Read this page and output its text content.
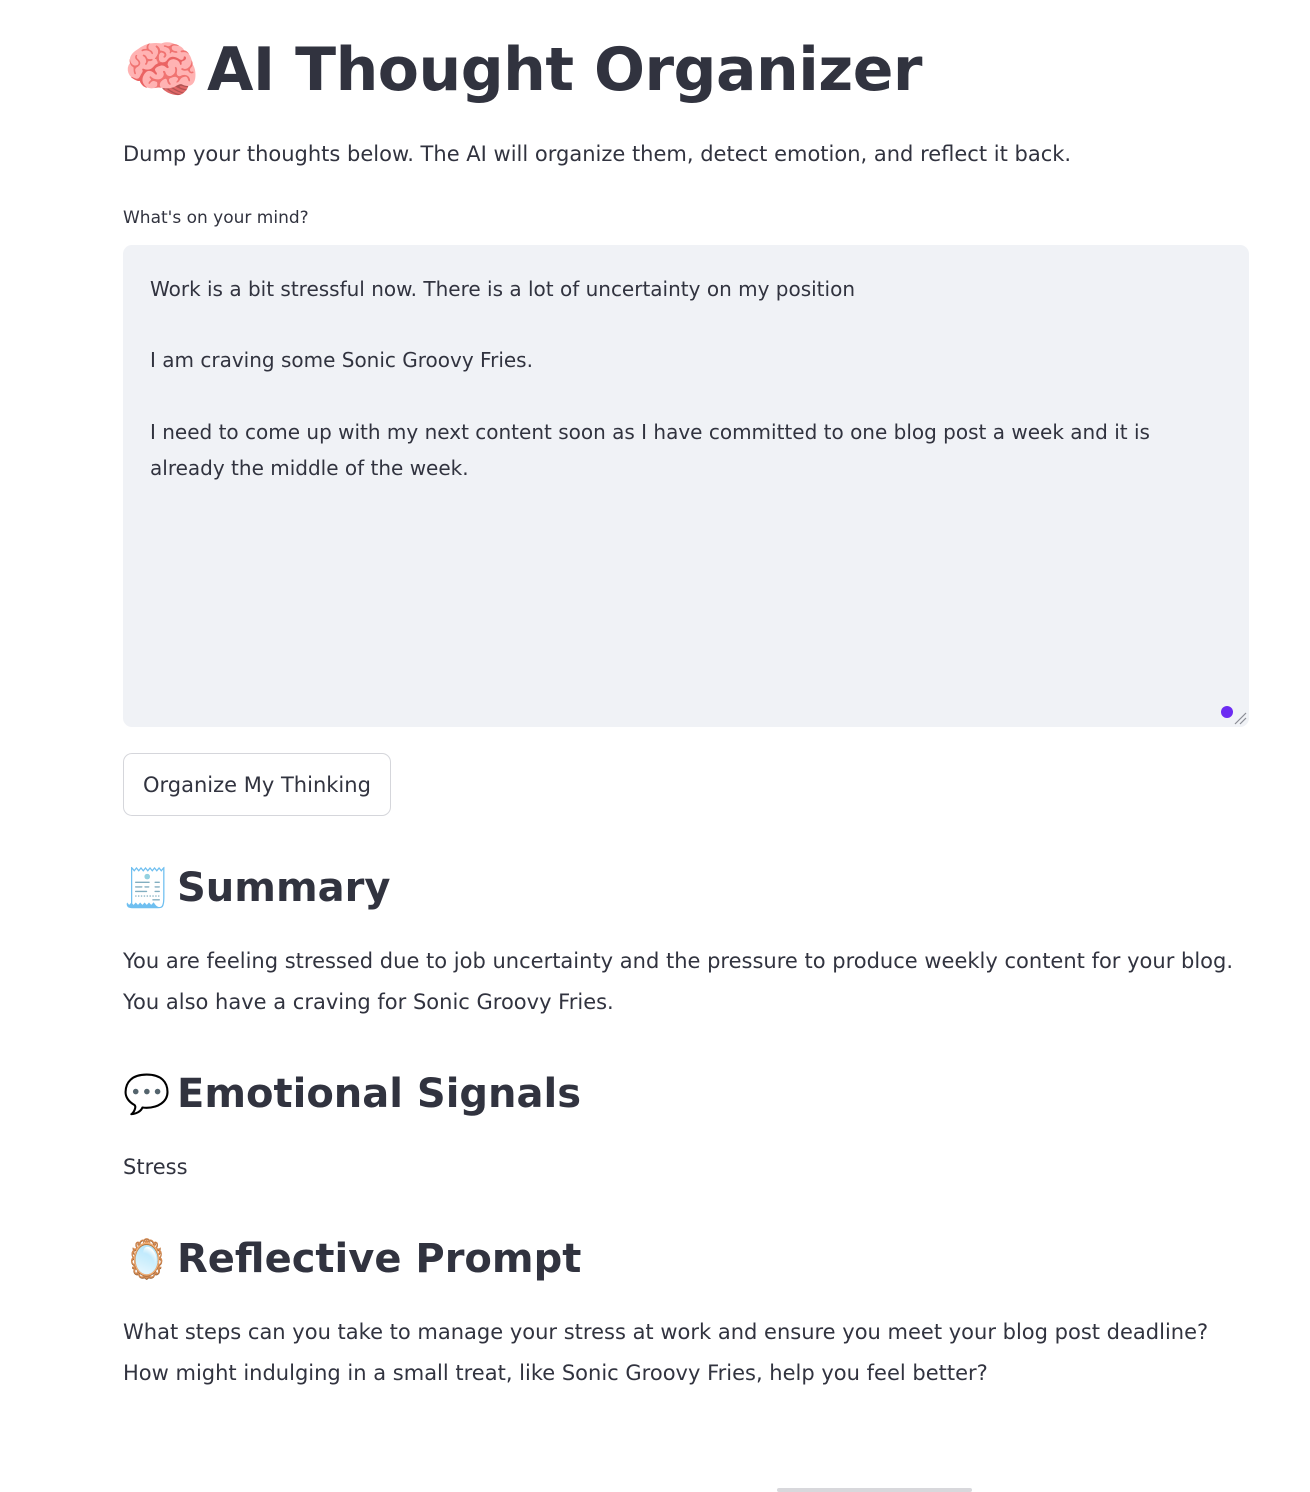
🧠 AI Thought Organizer
Dump your thoughts below. The AI will organize them, detect emotion, and reflect it back.
What's on your mind?
Work is a bit stressful now. There is a lot of uncertainty on my position
I am craving some Sonic Groovy Fries.
I need to come up with my next content soon as I have committed to one blog post a week and it is
already the middle of the week.
Organize My Thinking
🧾 Summary
You are feeling stressed due to job uncertainty and the pressure to produce weekly content for your blog.
You also have a craving for Sonic Groovy Fries.
💬 Emotional Signals
Stress
🪞 Reflective Prompt
What steps can you take to manage your stress at work and ensure you meet your blog post deadline?
How might indulging in a small treat, like Sonic Groovy Fries, help you feel better?
